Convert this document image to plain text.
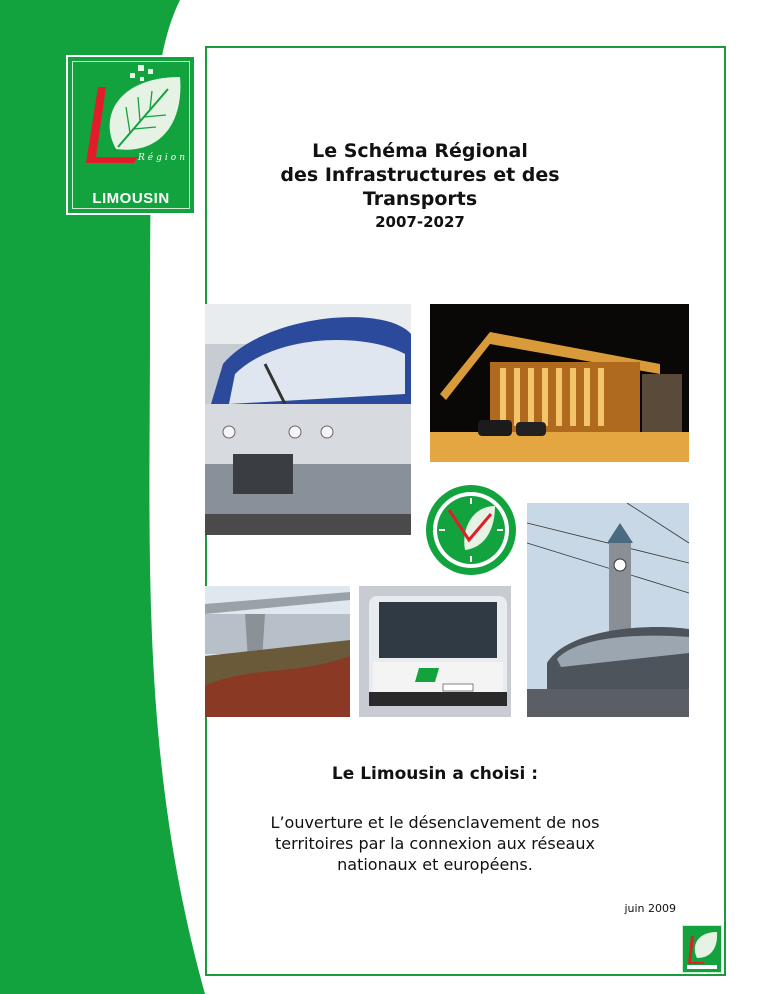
Région
LIMOUSIN
Le Schéma Régional
des Infrastructures et des
Transports
2007-2027
Le Limousin a choisi :
L’ouverture et le désenclavement de nos
territoires par la connexion aux réseaux
nationaux et européens.
juin 2009
